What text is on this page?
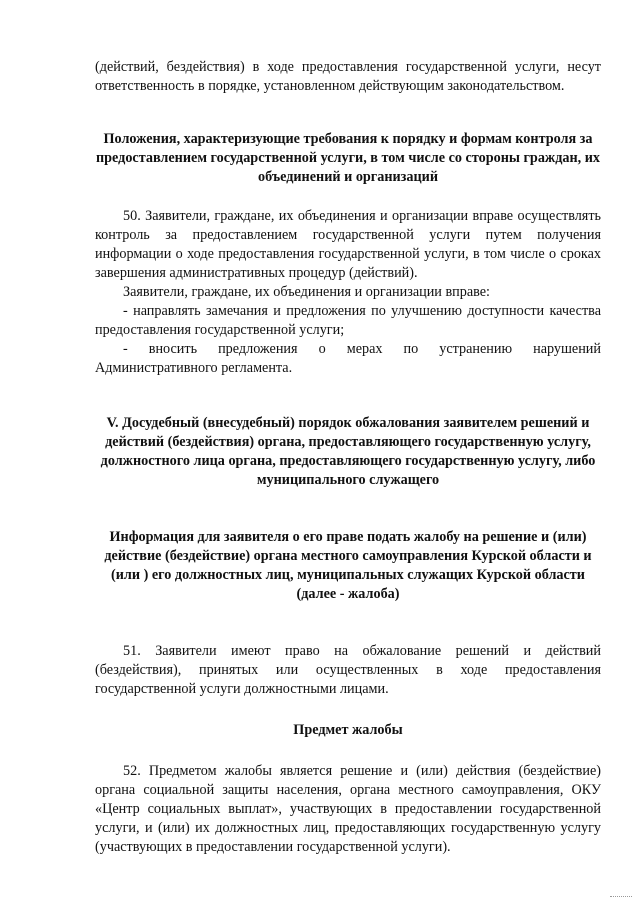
(действий, бездействия) в ходе предоставления государственной услуги, несут ответственность в порядке, установленном действующим законодательством.

Положения, характеризующие требования к порядку и формам контроля за предоставлением государственной услуги, в том числе со стороны граждан, их объединений и организаций

50. Заявители, граждане, их объединения и организации вправе осуществлять контроль за предоставлением государственной услуги путем получения информации о ходе предоставления государственной услуги, в том числе о сроках завершения административных процедур (действий).

Заявители, граждане, их объединения и организации вправе:

- направлять замечания и предложения по улучшению доступности качества предоставления государственной услуги;

- вносить предложения о мерах по устранению нарушений Административного регламента.

V. Досудебный (внесудебный) порядок обжалования заявителем решений и действий (бездействия) органа, предоставляющего государственную услугу, должностного лица органа, предоставляющего государственную услугу, либо муниципального служащего

Информация для заявителя о его праве подать жалобу на решение и (или) действие (бездействие) органа местного самоуправления Курской области и (или ) его должностных лиц, муниципальных служащих Курской области (далее - жалоба)

51. Заявители имеют право на обжалование решений и действий (бездействия), принятых или осуществленных в ходе предоставления государственной услуги должностными лицами.

Предмет жалобы

52. Предметом жалобы является решение и (или) действия (бездействие) органа социальной защиты населения, органа местного самоуправления, ОКУ «Центр социальных выплат», участвующих в предоставлении государственной услуги, и (или) их должностных лиц, предоставляющих государственную услугу (участвующих в предоставлении государственной услуги).
